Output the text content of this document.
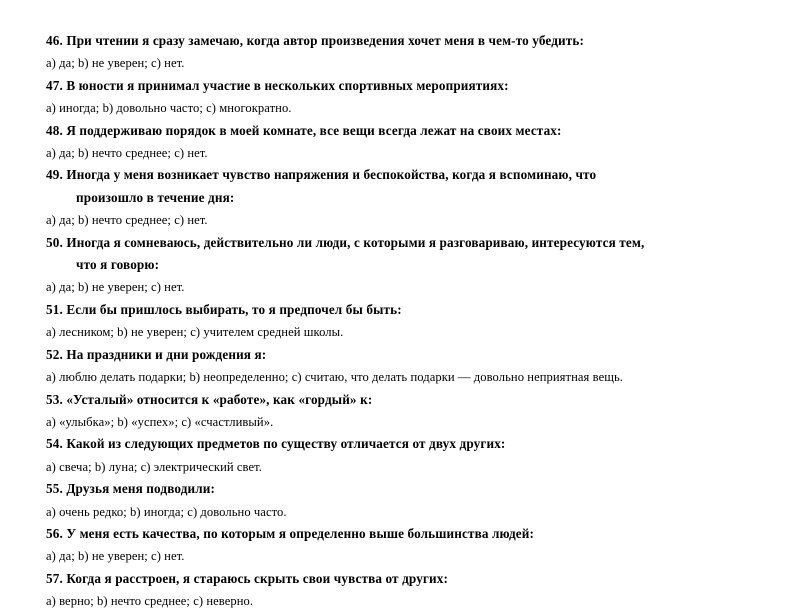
46. При чтении я сразу замечаю, когда автор произведения хочет меня в чем-то убедить:
a) да; b) не уверен; c) нет.
47. В юности я принимал участие в нескольких спортивных мероприятиях:
a) иногда; b) довольно часто; c) многократно.
48. Я поддерживаю порядок в моей комнате, все вещи всегда лежат на своих местах:
a) да; b) нечто среднее; c) нет.
49. Иногда у меня возникает чувство напряжения и беспокойства, когда я вспоминаю, что
произошло в течение дня:
a) да; b) нечто среднее; c) нет.
50. Иногда я сомневаюсь, действительно ли люди, с которыми я разговариваю, интересуются тем,
что я говорю:
a) да; b) не уверен; c) нет.
51. Если бы пришлось выбирать, то я предпочел бы быть:
a) лесником; b) не уверен; c) учителем средней школы.
52. На праздники и дни рождения я:
a) люблю делать подарки; b) неопределенно; c) считаю, что делать подарки — довольно неприятная вещь.
53. «Усталый» относится к «работе», как «гордый» к:
a) «улыбка»; b) «успех»; c) «счастливый».
54. Какой из следующих предметов по существу отличается от двух других:
a) свеча; b) луна; c) электрический свет.
55. Друзья меня подводили:
a) очень редко; b) иногда; c) довольно часто.
56. У меня есть качества, по которым я определенно выше большинства людей:
a) да; b) не уверен; c) нет.
57. Когда я расстроен, я стараюсь скрыть свои чувства от других:
a) верно; b) нечто среднее; c) неверно.
